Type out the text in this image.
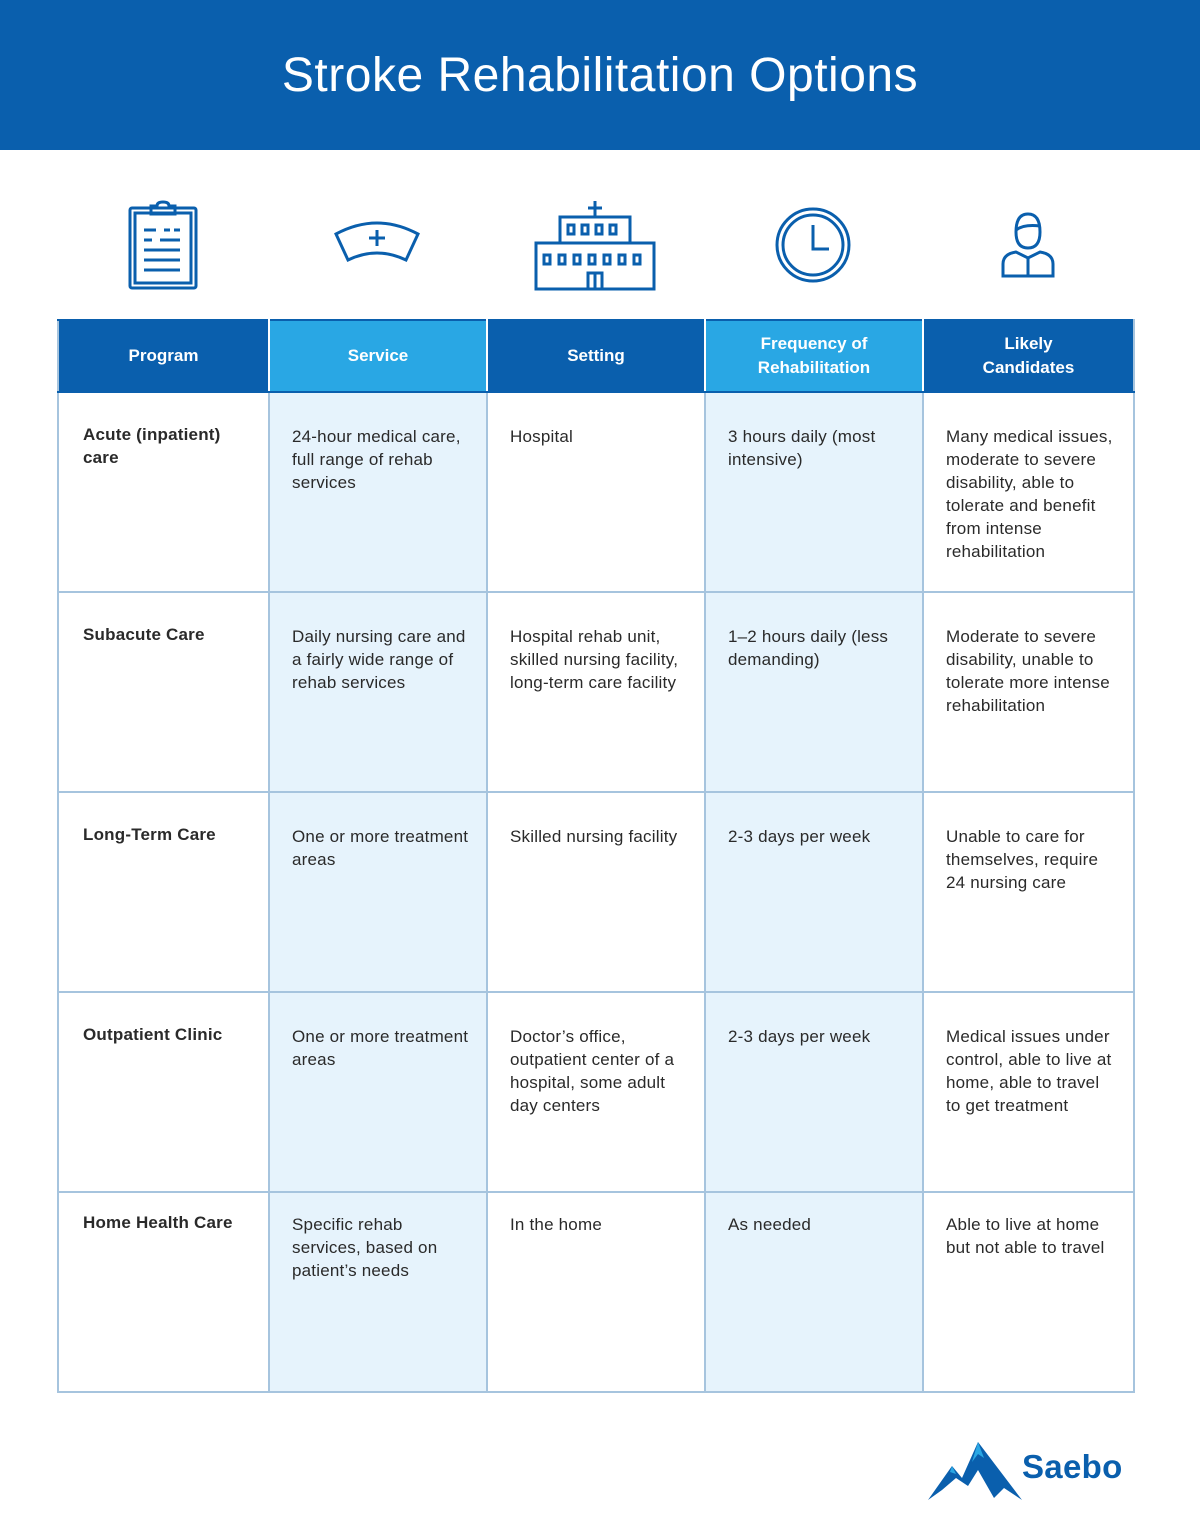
Stroke Rehabilitation Options
Program	Service	Setting	Frequency of Rehabilitation	Likely Candidates
Acute (inpatient) care	24-hour medical care, full range of rehab services	Hospital	3 hours daily (most intensive)	Many medical issues, moderate to severe disability, able to tolerate and benefit from intense rehabilitation
Subacute Care	Daily nursing care and a fairly wide range of rehab services	Hospital rehab unit, skilled nursing facility, long-term care facility	1–2 hours daily (less demanding)	Moderate to severe disability, unable to tolerate more intense rehabilitation
Long-Term Care	One or more treatment areas	Skilled nursing facility	2-3 days per week	Unable to care for themselves, require 24 nursing care
Outpatient Clinic	One or more treatment areas	Doctor’s office, outpatient center of a hospital, some adult day centers	2-3 days per week	Medical issues under control, able to live at home, able to travel to get treatment
Home Health Care	Specific rehab services, based on patient’s needs	In the home	As needed	Able to live at home but not able to travel
Saebo
